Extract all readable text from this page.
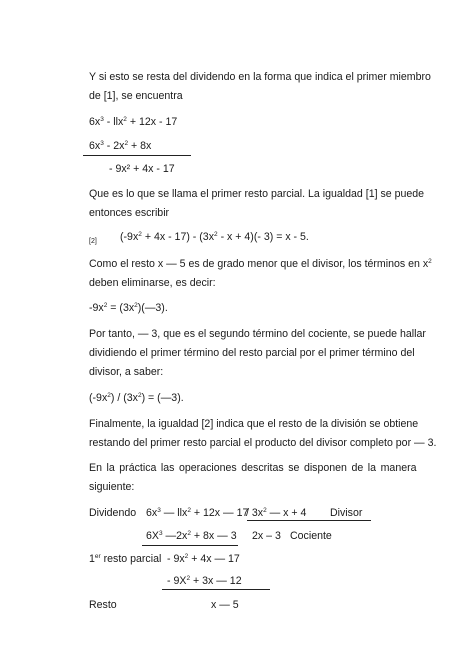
Y si esto se resta del dividendo en la forma que indica el primer miembro
de [1], se encuentra
$6x^3 - llx^2 + 12x - 17$
$6x^3 - 2x^2 + 8x$
- 9x² + 4x - 17
Que es lo que se llama el primer resto parcial. La igualdad [1] se puede
entonces escribir
[2] $(-9x^2 + 4x - 17) - (3x^2 - x + 4)(-$ 3) = x - 5.
Como el resto x — 5 es de grado menor que el divisor, los términos en $x^2$
deben eliminarse, es decir:
$-9x^2$ = $(3x^2)(—3)$.
Por tanto, — 3, que es el segundo término del cociente, se puede hallar
dividiendo el primer término del resto parcial por el primer término del
divisor, a saber:
$(-9x^2) / (3x^2)$ = (—3).
Finalmente, la igualdad [2] indica que el resto de la división se obtiene
restando del primer resto parcial el producto del divisor completo por — 3.
En la práctica las operaciones descritas se disponen de la manera
siguiente:
Dividendo $6x^3$ — llx$^2$ + 12x — 17
/ $3x^2$ — x + 4 Divisor
$6X^3$ $—2x^2 + 8x$ — 3 2x – 3 Cociente
1er resto parcial - $9x^2 + 4x$ — 17
- $9X^2 + 3x$ — 12
Resto	x — 5
